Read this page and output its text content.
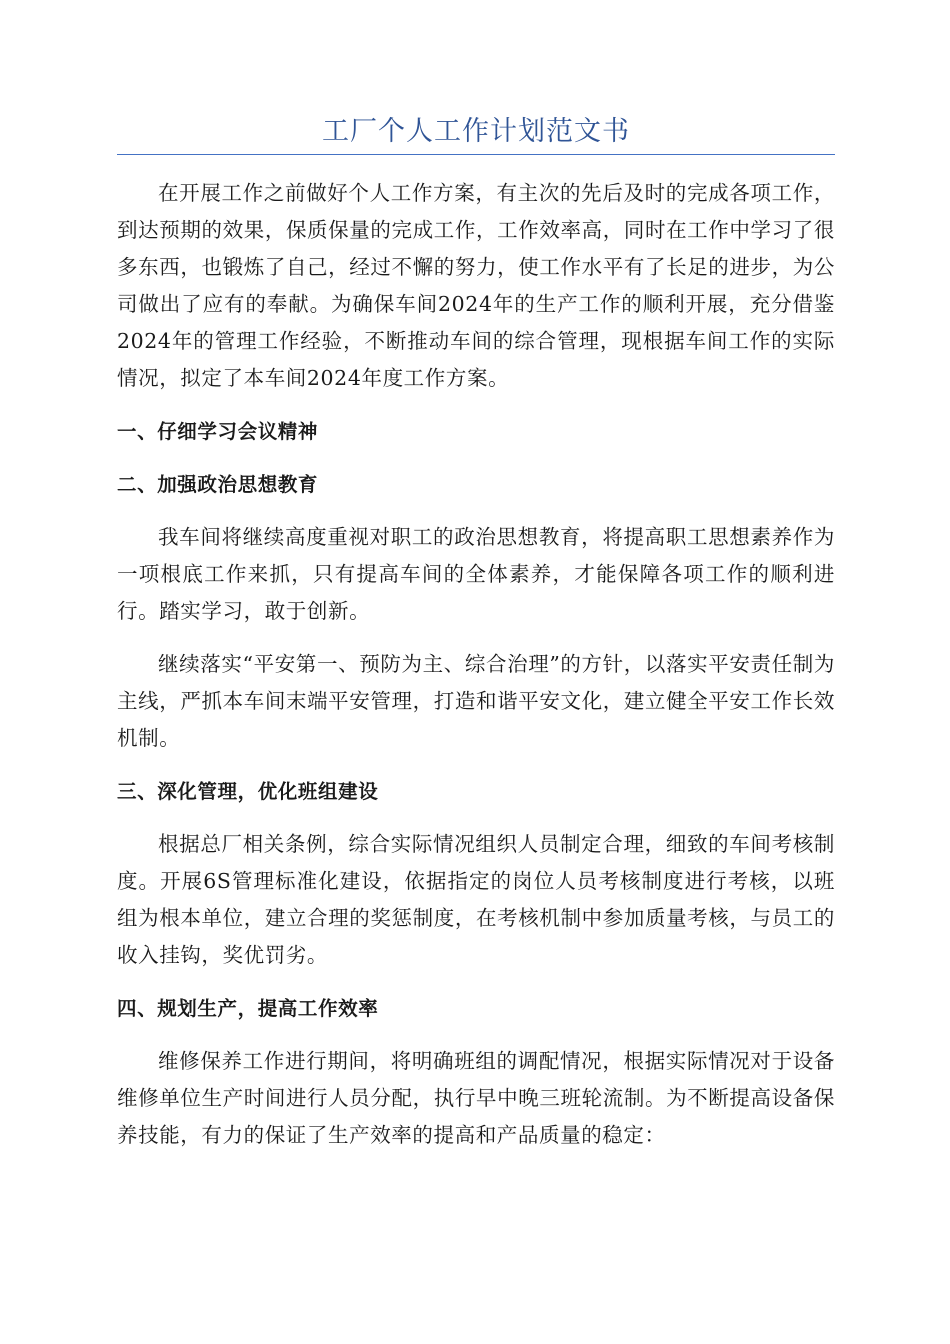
工厂个人工作计划范文书

在开展工作之前做好个人工作方案，有主次的先后及时的完成各项工作，到达预期的效果，保质保量的完成工作，工作效率高，同时在工作中学习了很多东西，也锻炼了自己，经过不懈的努力，使工作水平有了长足的进步，为公司做出了应有的奉献。为确保车间2024年的生产工作的顺利开展，充分借鉴2024年的管理工作经验，不断推动车间的综合管理，现根据车间工作的实际情况，拟定了本车间2024年度工作方案。

一、仔细学习会议精神
二、加强政治思想教育

我车间将继续高度重视对职工的政治思想教育，将提高职工思想素养作为一项根底工作来抓，只有提高车间的全体素养，才能保障各项工作的顺利进行。踏实学习，敢于创新。

继续落实“平安第一、预防为主、综合治理”的方针，以落实平安责任制为主线，严抓本车间末端平安管理，打造和谐平安文化，建立健全平安工作长效机制。

三、深化管理，优化班组建设

根据总厂相关条例，综合实际情况组织人员制定合理，细致的车间考核制度。开展6S管理标准化建设，依据指定的岗位人员考核制度进行考核，以班组为根本单位，建立合理的奖惩制度，在考核机制中参加质量考核，与员工的收入挂钩，奖优罚劣。

四、规划生产，提高工作效率

维修保养工作进行期间，将明确班组的调配情况，根据实际情况对于设备维修单位生产时间进行人员分配，执行早中晚三班轮流制。为不断提高设备保养技能，有力的保证了生产效率的提高和产品质量的稳定：
